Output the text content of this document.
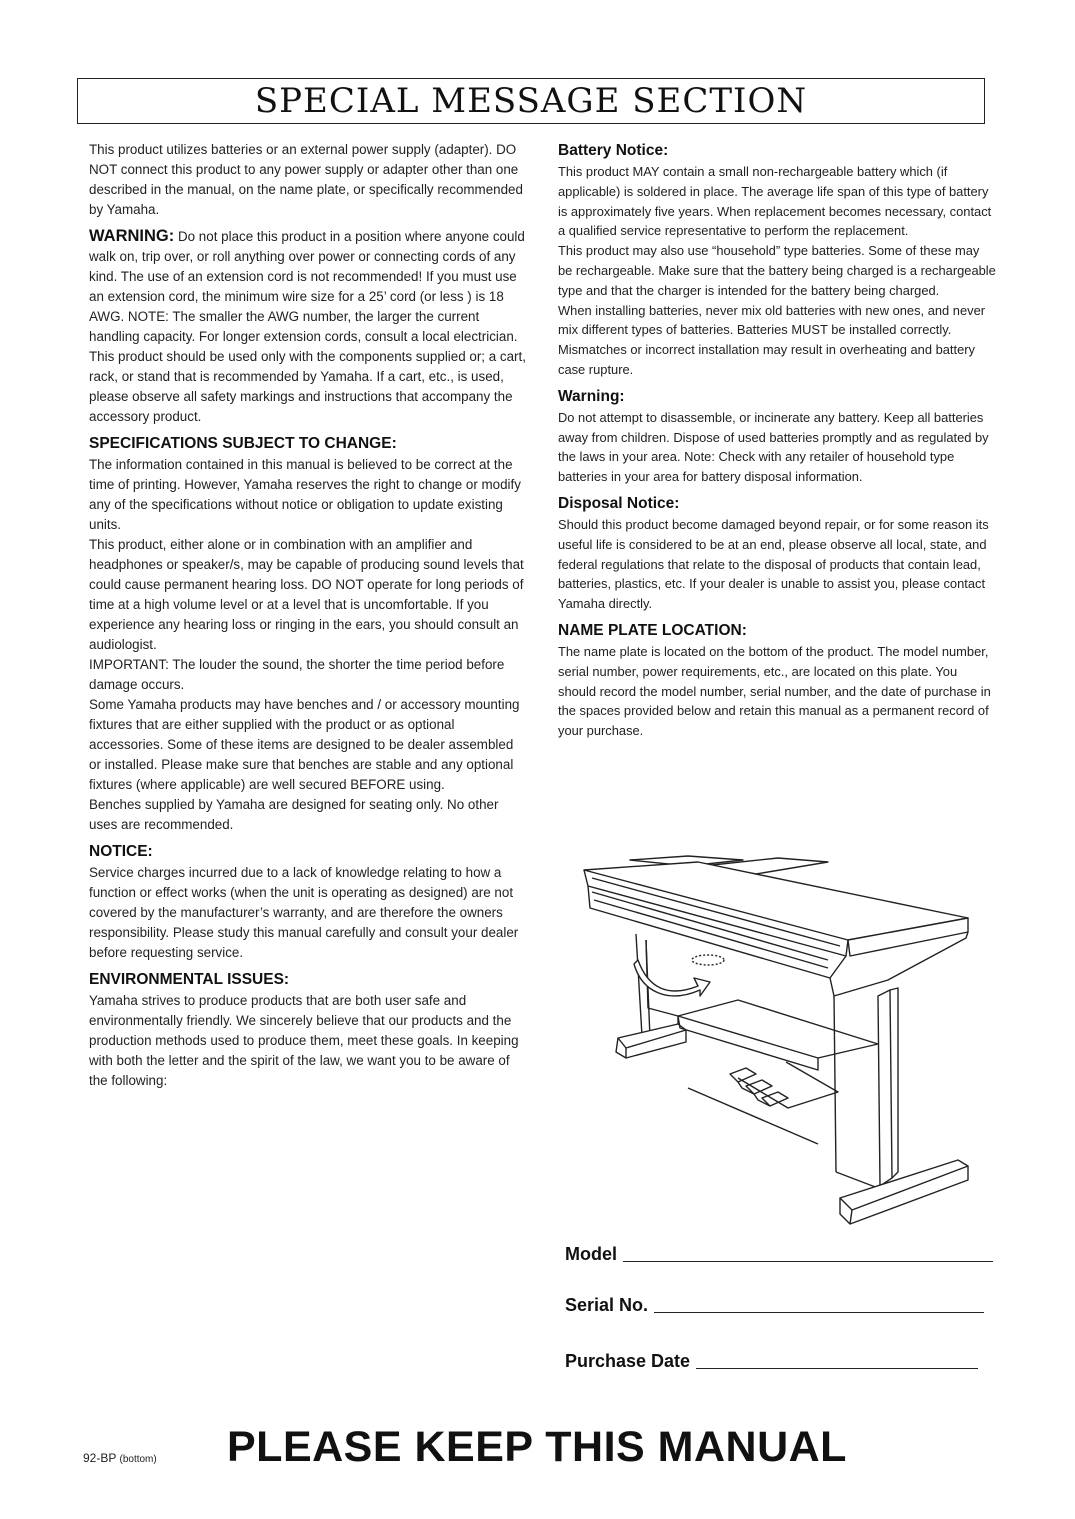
SPECIAL MESSAGE SECTION

This product utilizes batteries or an external power supply (adapter). DO NOT connect this product to any power supply or adapter other than one described in the manual, on the name plate, or specifically recommended by Yamaha.

WARNING: Do not place this product in a position where anyone could walk on, trip over, or roll anything over power or connecting cords of any kind. The use of an extension cord is not recommended! If you must use an extension cord, the minimum wire size for a 25’ cord (or less ) is 18 AWG. NOTE: The smaller the AWG number, the larger the current handling capacity. For longer extension cords, consult a local electrician. This product should be used only with the components supplied or; a cart, rack, or stand that is recommended by Yamaha. If a cart, etc., is used, please observe all safety markings and instructions that accompany the accessory product.

SPECIFICATIONS SUBJECT TO CHANGE:

The information contained in this manual is believed to be correct at the time of printing. However, Yamaha reserves the right to change or modify any of the specifications without notice or obligation to update existing units.

This product, either alone or in combination with an amplifier and headphones or speaker/s, may be capable of producing sound levels that could cause permanent hearing loss. DO NOT operate for long periods of time at a high volume level or at a level that is uncomfortable. If you experience any hearing loss or ringing in the ears, you should consult an audiologist.

IMPORTANT: The louder the sound, the shorter the time period before damage occurs.

Some Yamaha products may have benches and / or accessory mounting fixtures that are either supplied with the product or as optional accessories. Some of these items are designed to be dealer assembled or installed. Please make sure that benches are stable and any optional fixtures (where applicable) are well secured BEFORE using.

Benches supplied by Yamaha are designed for seating only. No other uses are recommended.

NOTICE:

Service charges incurred due to a lack of knowledge relating to how a function or effect works (when the unit is operating as designed) are not covered by the manufacturer’s warranty, and are therefore the owners responsibility. Please study this manual carefully and consult your dealer before requesting service.

ENVIRONMENTAL ISSUES:

Yamaha strives to produce products that are both user safe and environmentally friendly. We sincerely believe that our products and the production methods used to produce them, meet these goals. In keeping with both the letter and the spirit of the law, we want you to be aware of the following:

Battery Notice:

This product MAY contain a small non-rechargeable battery which (if applicable) is soldered in place. The average life span of this type of battery is approximately five years. When replacement becomes necessary, contact a qualified service representative to perform the replacement.

This product may also use “household” type batteries. Some of these may be rechargeable. Make sure that the battery being charged is a rechargeable type and that the charger is intended for the battery being charged.

When installing batteries, never mix old batteries with new ones, and never mix different types of batteries. Batteries MUST be installed correctly. Mismatches or incorrect installation may result in overheating and battery case rupture.

Warning:

Do not attempt to disassemble, or incinerate any battery. Keep all batteries away from children. Dispose of used batteries promptly and as regulated by the laws in your area. Note: Check with any retailer of household type batteries in your area for battery disposal information.

Disposal Notice:

Should this product become damaged beyond repair, or for some reason its useful life is considered to be at an end, please observe all local, state, and federal regulations that relate to the disposal of products that contain lead, batteries, plastics, etc. If your dealer is unable to assist you, please contact Yamaha directly.

NAME PLATE LOCATION:

The name plate is located on the bottom of the product. The model number, serial number, power requirements, etc., are located on this plate. You should record the model number, serial number, and the date of purchase in the spaces provided below and retain this manual as a permanent record of your purchase.

Model
Serial No.
Purchase Date
92-BP (bottom) PLEASE KEEP THIS MANUAL
